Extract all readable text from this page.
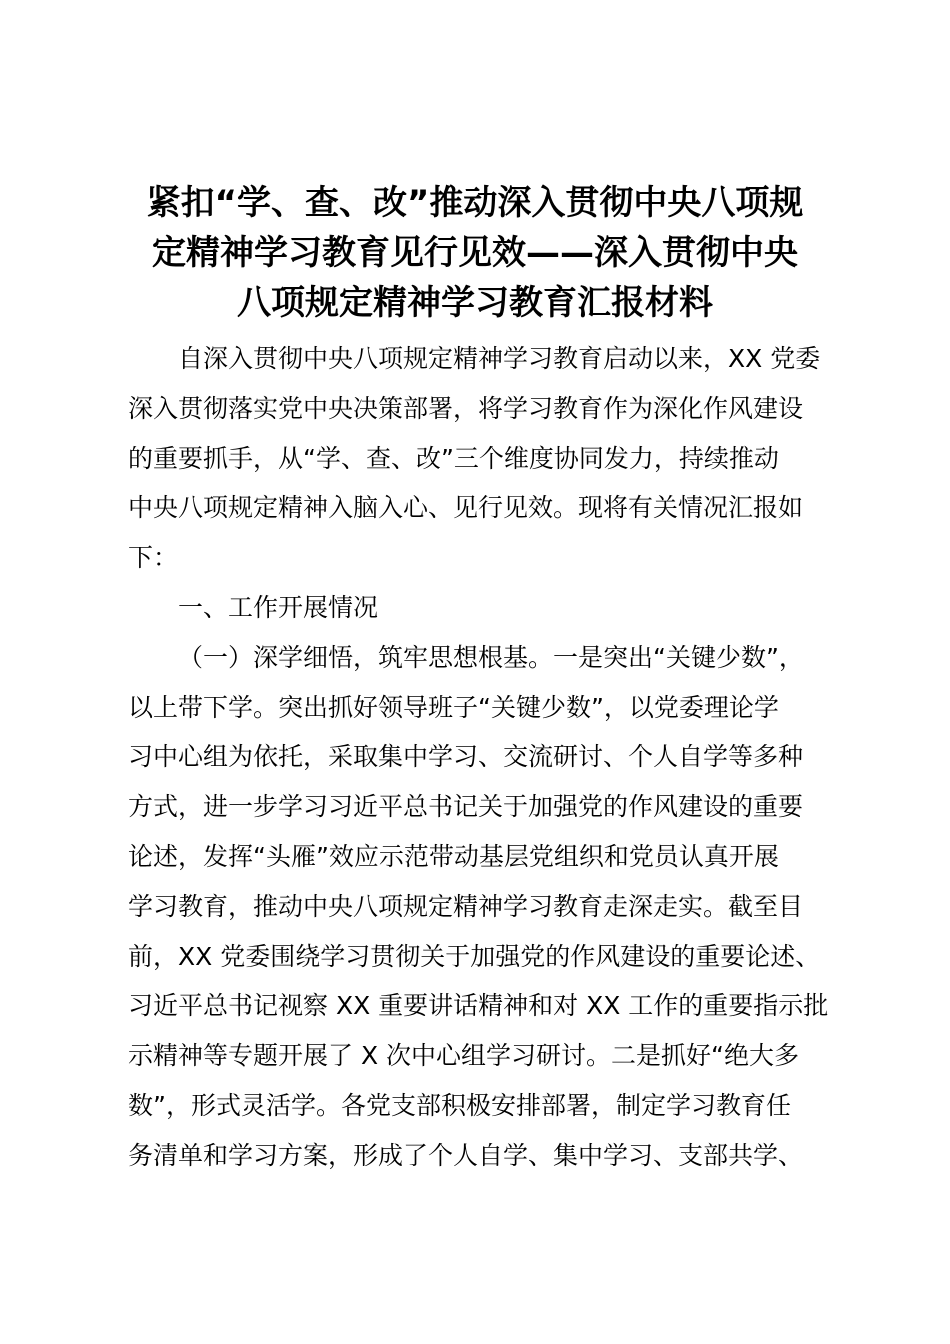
紧扣“学、查、改”推动深入贯彻中央八项规
定精神学习教育见行见效——深入贯彻中央
八项规定精神学习教育汇报材料
自深入贯彻中央八项规定精神学习教育启动以来，XX 党委
深入贯彻落实党中央决策部署，将学习教育作为深化作风建设
的重要抓手，从“学、查、改”三个维度协同发力，持续推动
中央八项规定精神入脑入心、见行见效。现将有关情况汇报如
下：
一、工作开展情况
（一）深学细悟，筑牢思想根基。一是突出“关键少数”，
以上带下学。突出抓好领导班子“关键少数”，以党委理论学
习中心组为依托，采取集中学习、交流研讨、个人自学等多种
方式，进一步学习习近平总书记关于加强党的作风建设的重要
论述，发挥“头雁”效应示范带动基层党组织和党员认真开展
学习教育，推动中央八项规定精神学习教育走深走实。截至目
前，XX 党委围绕学习贯彻关于加强党的作风建设的重要论述、
习近平总书记视察 XX 重要讲话精神和对 XX 工作的重要指示批
示精神等专题开展了 X 次中心组学习研讨。二是抓好“绝大多
数”，形式灵活学。各党支部积极安排部署，制定学习教育任
务清单和学习方案，形成了个人自学、集中学习、支部共学、
